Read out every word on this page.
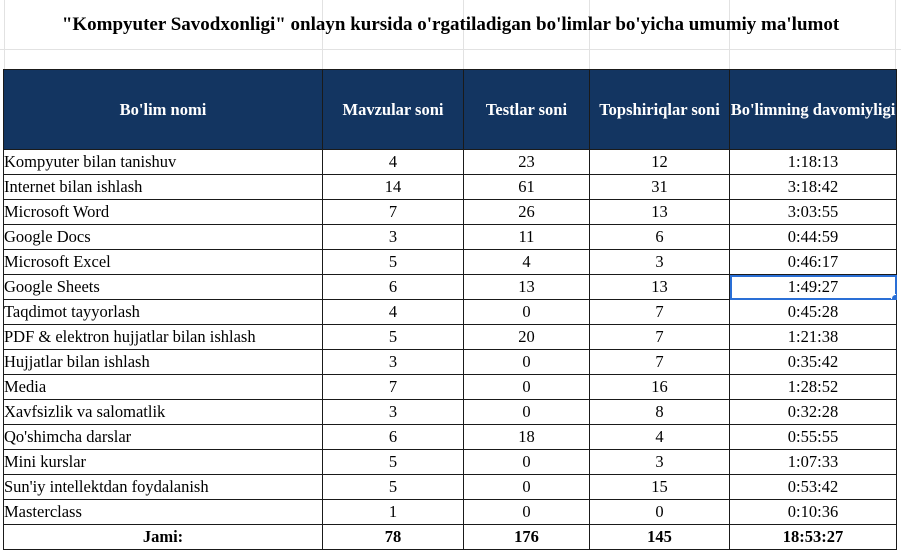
"Kompyuter Savodxonligi" onlayn kursida o'rgatiladigan bo'limlar bo'yicha umumiy ma'lumot
Bo'lim nomi	Mavzular soni	Testlar soni	Topshiriqlar soni	Bo'limning davomiyligi
Kompyuter bilan tanishuv	4	23	12	1:18:13
Internet bilan ishlash	14	61	31	3:18:42
Microsoft Word	7	26	13	3:03:55
Google Docs	3	11	6	0:44:59
Microsoft Excel	5	4	3	0:46:17
Google Sheets	6	13	13	1:49:27

Taqdimot tayyorlash	4	0	7	0:45:28
PDF & elektron hujjatlar bilan ishlash	5	20	7	1:21:38
Hujjatlar bilan ishlash	3	0	7	0:35:42
Media	7	0	16	1:28:52
Xavfsizlik va salomatlik	3	0	8	0:32:28
Qo'shimcha darslar	6	18	4	0:55:55
Mini kurslar	5	0	3	1:07:33
Sun'iy intellektdan foydalanish	5	0	15	0:53:42
Masterclass	1	0	0	0:10:36
Jami:	78	176	145	18:53:27
